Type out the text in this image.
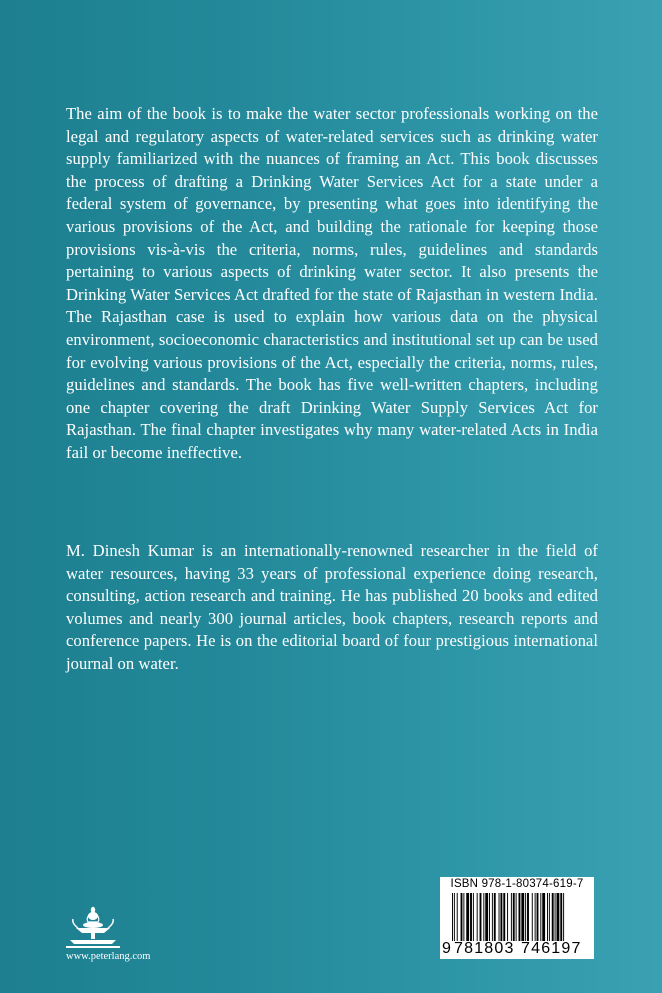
The aim of the book is to make the water sector professionals working on the legal and regulatory aspects of water-related services such as drinking water supply familiarized with the nuances of framing an Act. This book discusses the process of drafting a Drinking Water Services Act for a state under a federal system of governance, by presenting what goes into identifying the various provisions of the Act, and building the rationale for keeping those provisions vis-à-vis the criteria, norms, rules, guidelines and standards pertaining to various aspects of drinking water sector. It also presents the Drinking Water Services Act drafted for the state of Rajasthan in western India. The Rajasthan case is used to explain how various data on the physical environment, socioeconomic characteristics and institutional set up can be used for evolving various provisions of the Act, especially the criteria, norms, rules, guidelines and standards. The book has five well-written chapters, including one chapter covering the draft Drinking Water Supply Services Act for Rajasthan. The final chapter investigates why many water-related Acts in India fail or become ineffective.

M. Dinesh Kumar is an internationally-renowned researcher in the field of water resources, having 33 years of professional experience doing research, consulting, action research and training. He has published 20 books and edited volumes and nearly 300 journal articles, book chapters, research reports and conference papers. He is on the editorial board of four prestigious international journal on water.

www.peterlang.com
ISBN 978-1-80374-619-7
9 781803 746197
